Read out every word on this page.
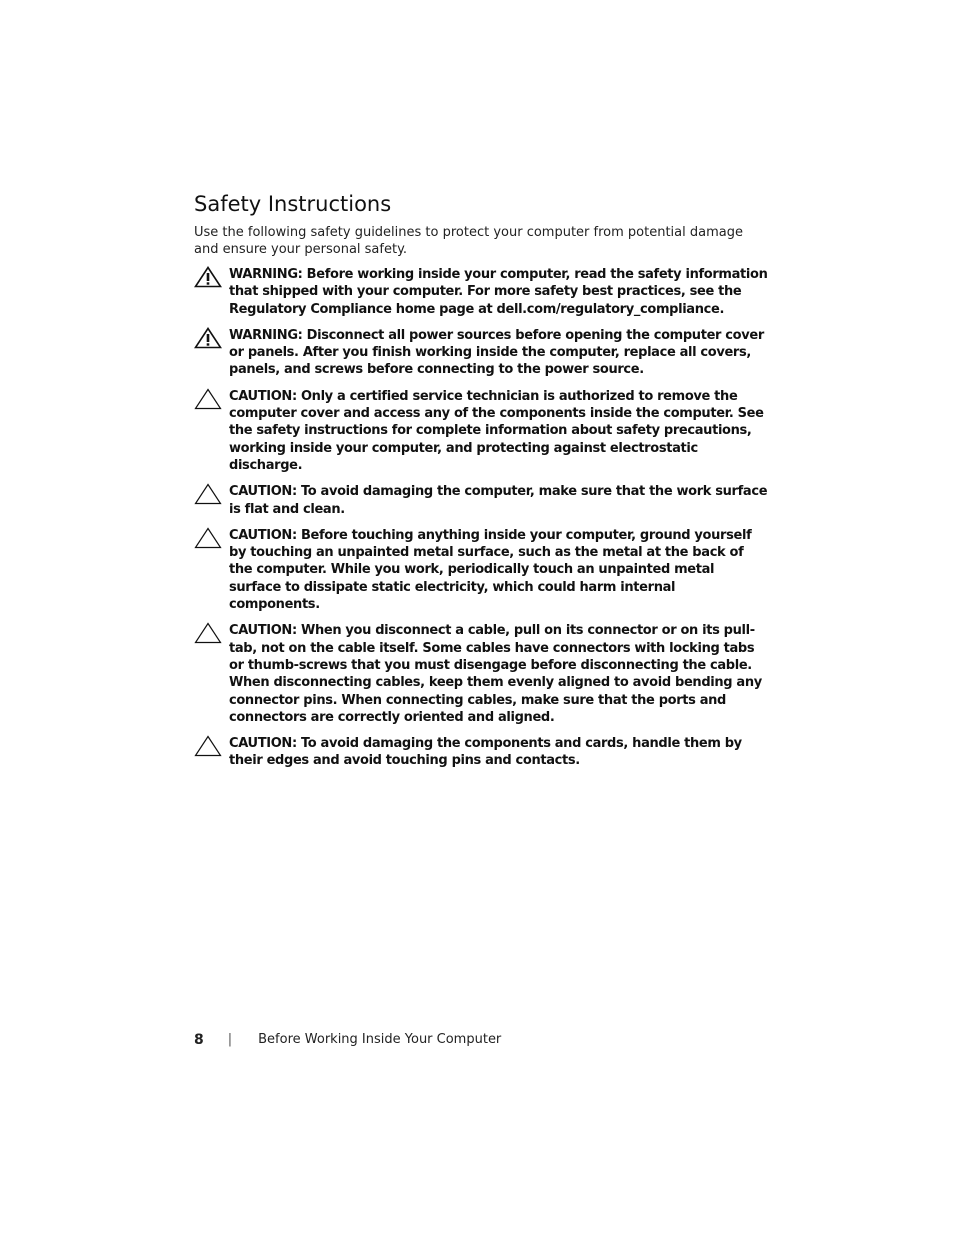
Safety Instructions

Use the following safety guidelines to protect your computer from potential damage and ensure your personal safety.

WARNING: Before working inside your computer, read the safety information that shipped with your computer. For more safety best practices, see the Regulatory Compliance home page at dell.com/regulatory_compliance.

WARNING: Disconnect all power sources before opening the computer cover or panels. After you finish working inside the computer, replace all covers, panels, and screws before connecting to the power source.

CAUTION: Only a certified service technician is authorized to remove the computer cover and access any of the components inside the computer. See the safety instructions for complete information about safety precautions, working inside your computer, and protecting against electrostatic discharge.

CAUTION: To avoid damaging the computer, make sure that the work surface is flat and clean.

CAUTION: Before touching anything inside your computer, ground yourself by touching an unpainted metal surface, such as the metal at the back of the computer. While you work, periodically touch an unpainted metal surface to dissipate static electricity, which could harm internal components.

CAUTION: When you disconnect a cable, pull on its connector or on its pull-tab, not on the cable itself. Some cables have connectors with locking tabs or thumb-screws that you must disengage before disconnecting the cable. When disconnecting cables, keep them evenly aligned to avoid bending any connector pins. When connecting cables, make sure that the ports and connectors are correctly oriented and aligned.

CAUTION: To avoid damaging the components and cards, handle them by their edges and avoid touching pins and contacts.

8 | Before Working Inside Your Computer
